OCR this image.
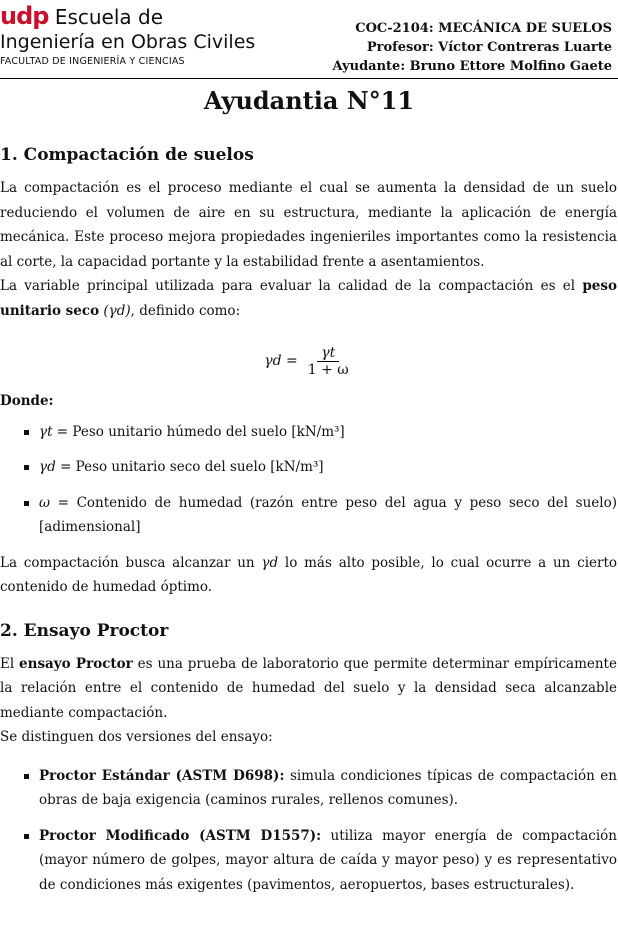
udp Escuela de
Ingeniería en Obras Civiles
FACULTAD DE INGENIERÍA Y CIENCIAS
COC-2104: MECÁNICA DE SUELOS
Profesor: Víctor Contreras Luarte
Ayudante: Bruno Ettore Molfino Gaete
Ayudantia N°11
1. Compactación de suelos

La compactación es el proceso mediante el cual se aumenta la densidad de un suelo reduciendo el volumen de aire en su estructura, mediante la aplicación de energía mecánica. Este proceso mejora propiedades ingenieriles importantes como la resistencia al corte, la capacidad portante y la estabilidad frente a asentamientos.

La variable principal utilizada para evaluar la calidad de la compactación es el peso unitario seco (γd), definido como:

$\gamma d = \frac{\gamma t}{1 + \omega}$
Donde:
γt = Peso unitario húmedo del suelo [kN/m³]
γd = Peso unitario seco del suelo [kN/m³]
ω = Contenido de humedad (razón entre peso del agua y peso seco del suelo) [adimensional]

La compactación busca alcanzar un γd lo más alto posible, lo cual ocurre a un cierto contenido de humedad óptimo.

2. Ensayo Proctor

El ensayo Proctor es una prueba de laboratorio que permite determinar empíricamente la relación entre el contenido de humedad del suelo y la densidad seca alcanzable mediante compactación.

Se distinguen dos versiones del ensayo:

Proctor Estándar (ASTM D698): simula condiciones típicas de compactación en obras de baja exigencia (caminos rurales, rellenos comunes).
Proctor Modificado (ASTM D1557): utiliza mayor energía de compactación (mayor número de golpes, mayor altura de caída y mayor peso) y es representativo de condiciones más exigentes (pavimentos, aeropuertos, bases estructurales).
